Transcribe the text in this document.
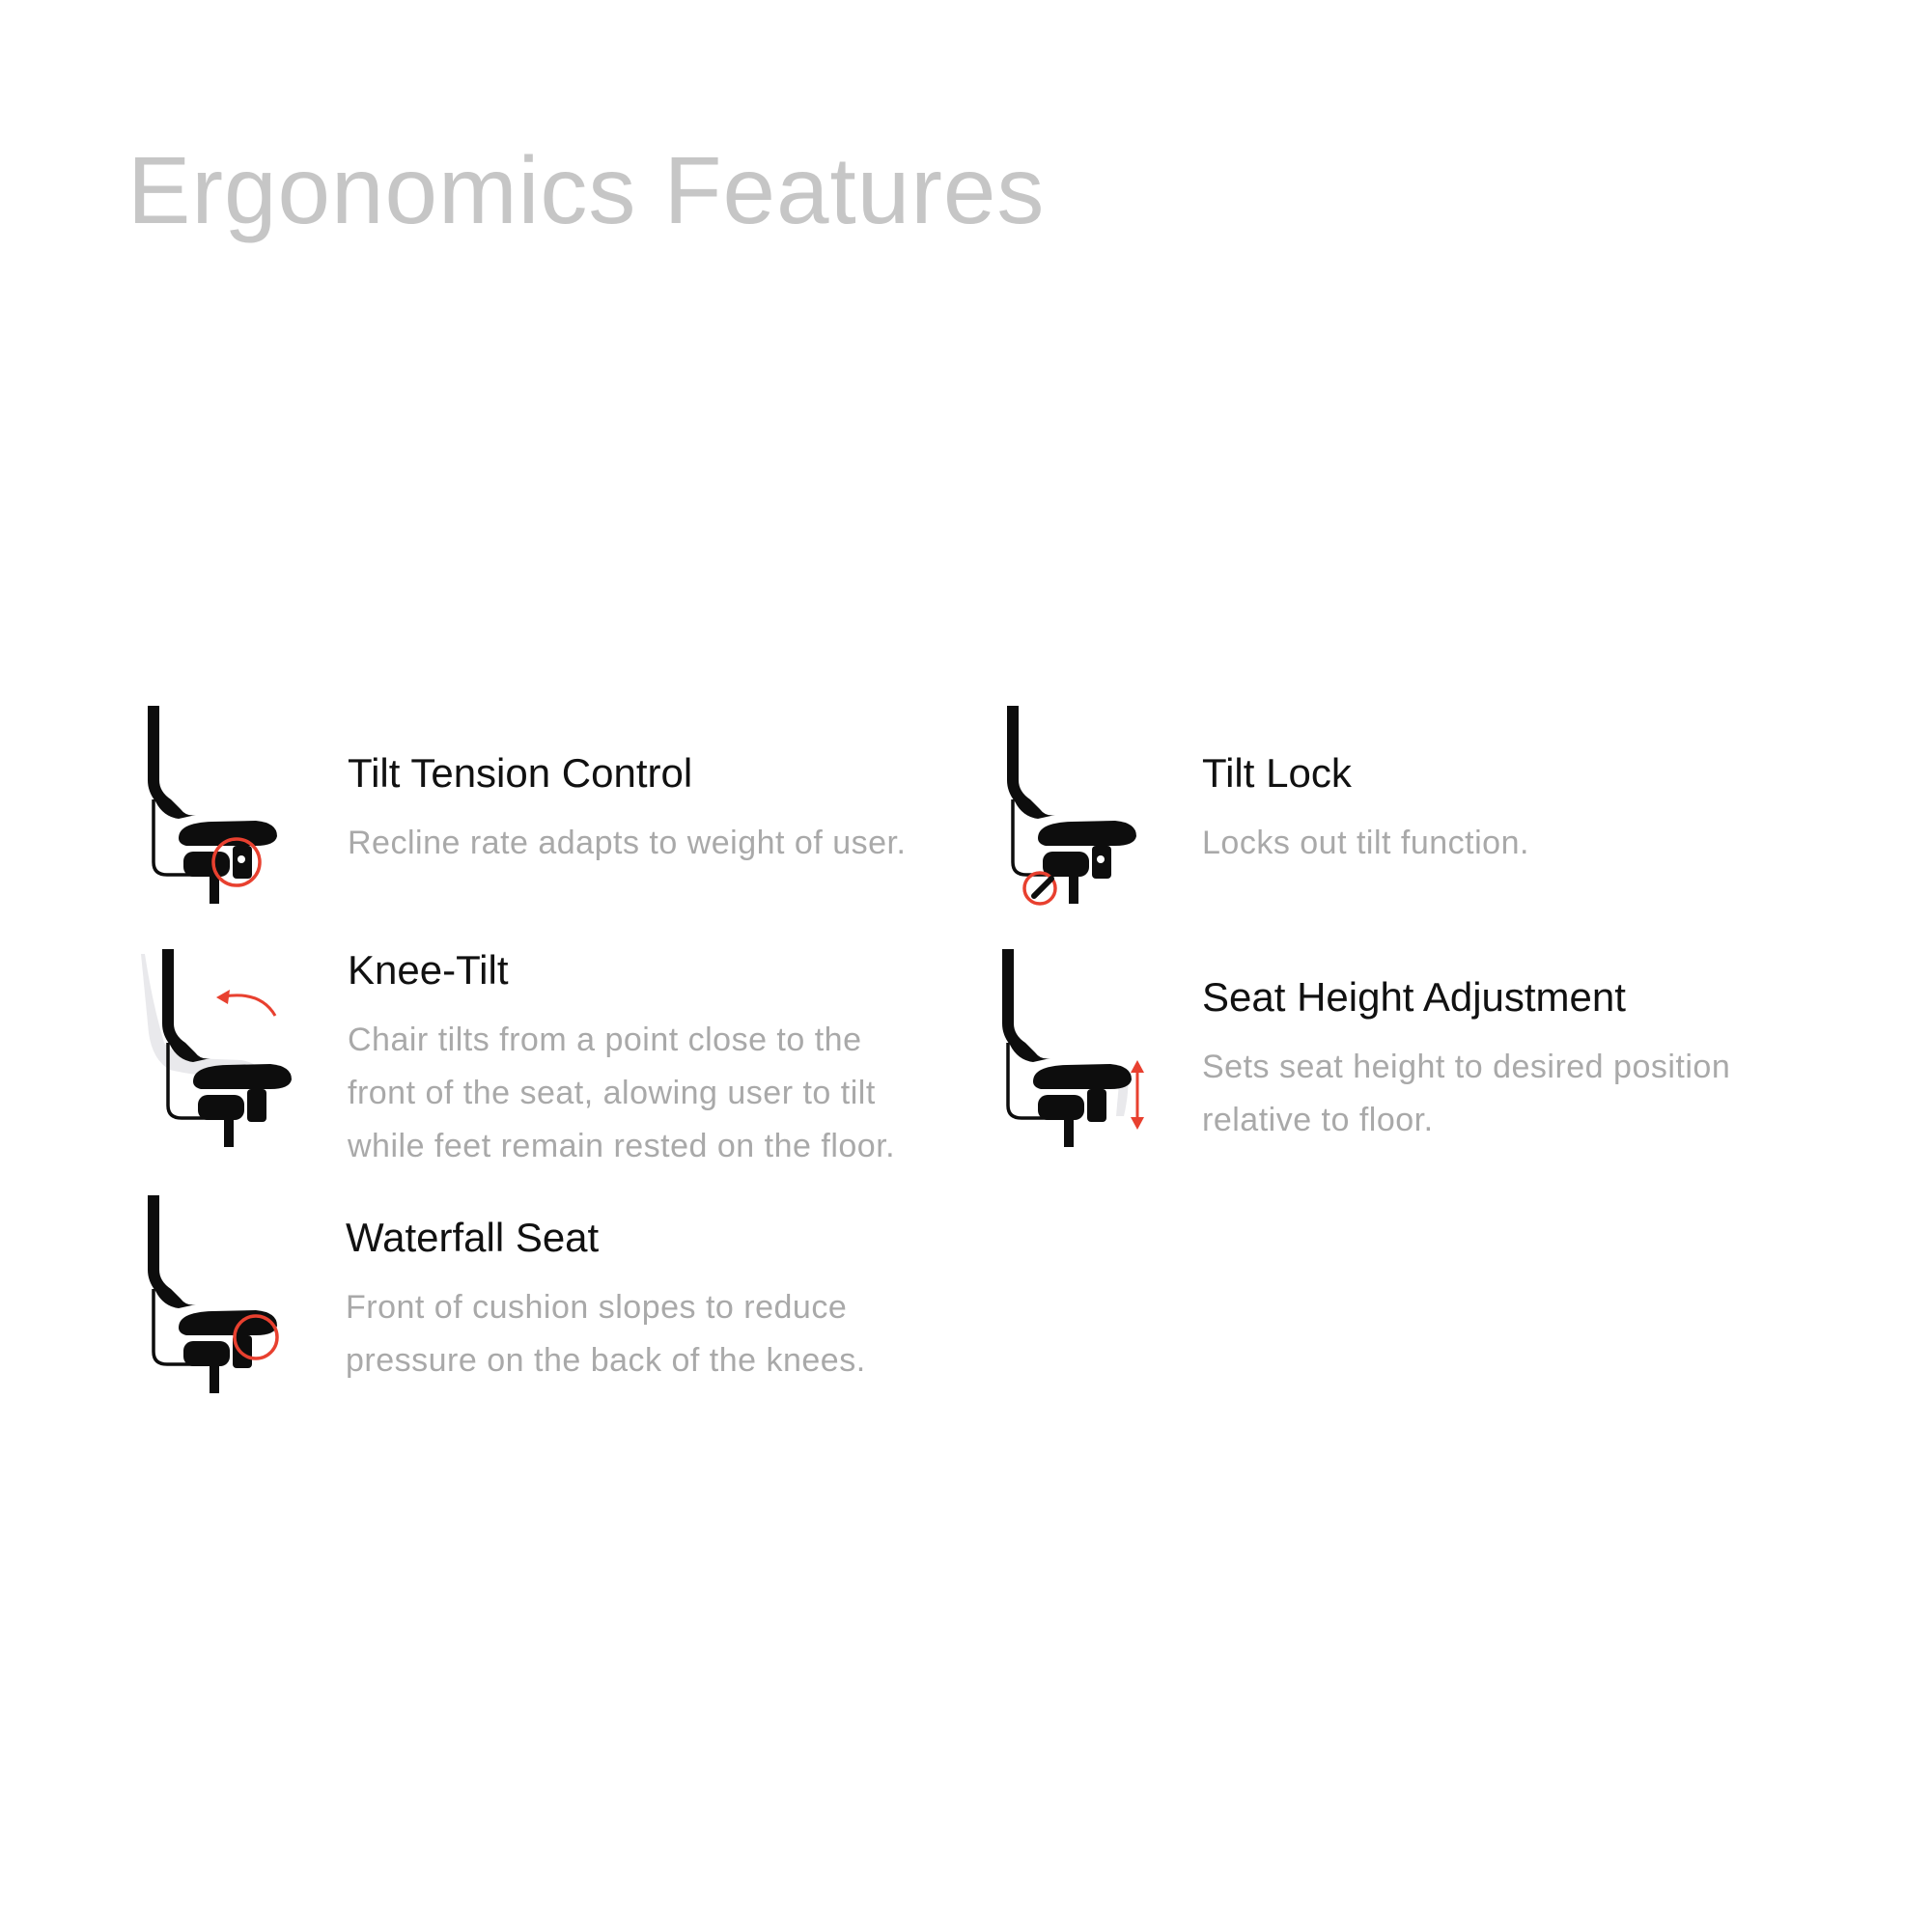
Ergonomics Features
Tilt Tension Control
Recline rate adapts to weight of user.
Tilt Lock
Locks out tilt function.
Knee-Tilt
Chair tilts from a point close to the
front of the seat, alowing user to tilt
while feet remain rested on the floor.
Seat Height Adjustment
Sets seat height to desired position
relative to floor.
Waterfall Seat
Front of cushion slopes to reduce
pressure on the back of the knees.
